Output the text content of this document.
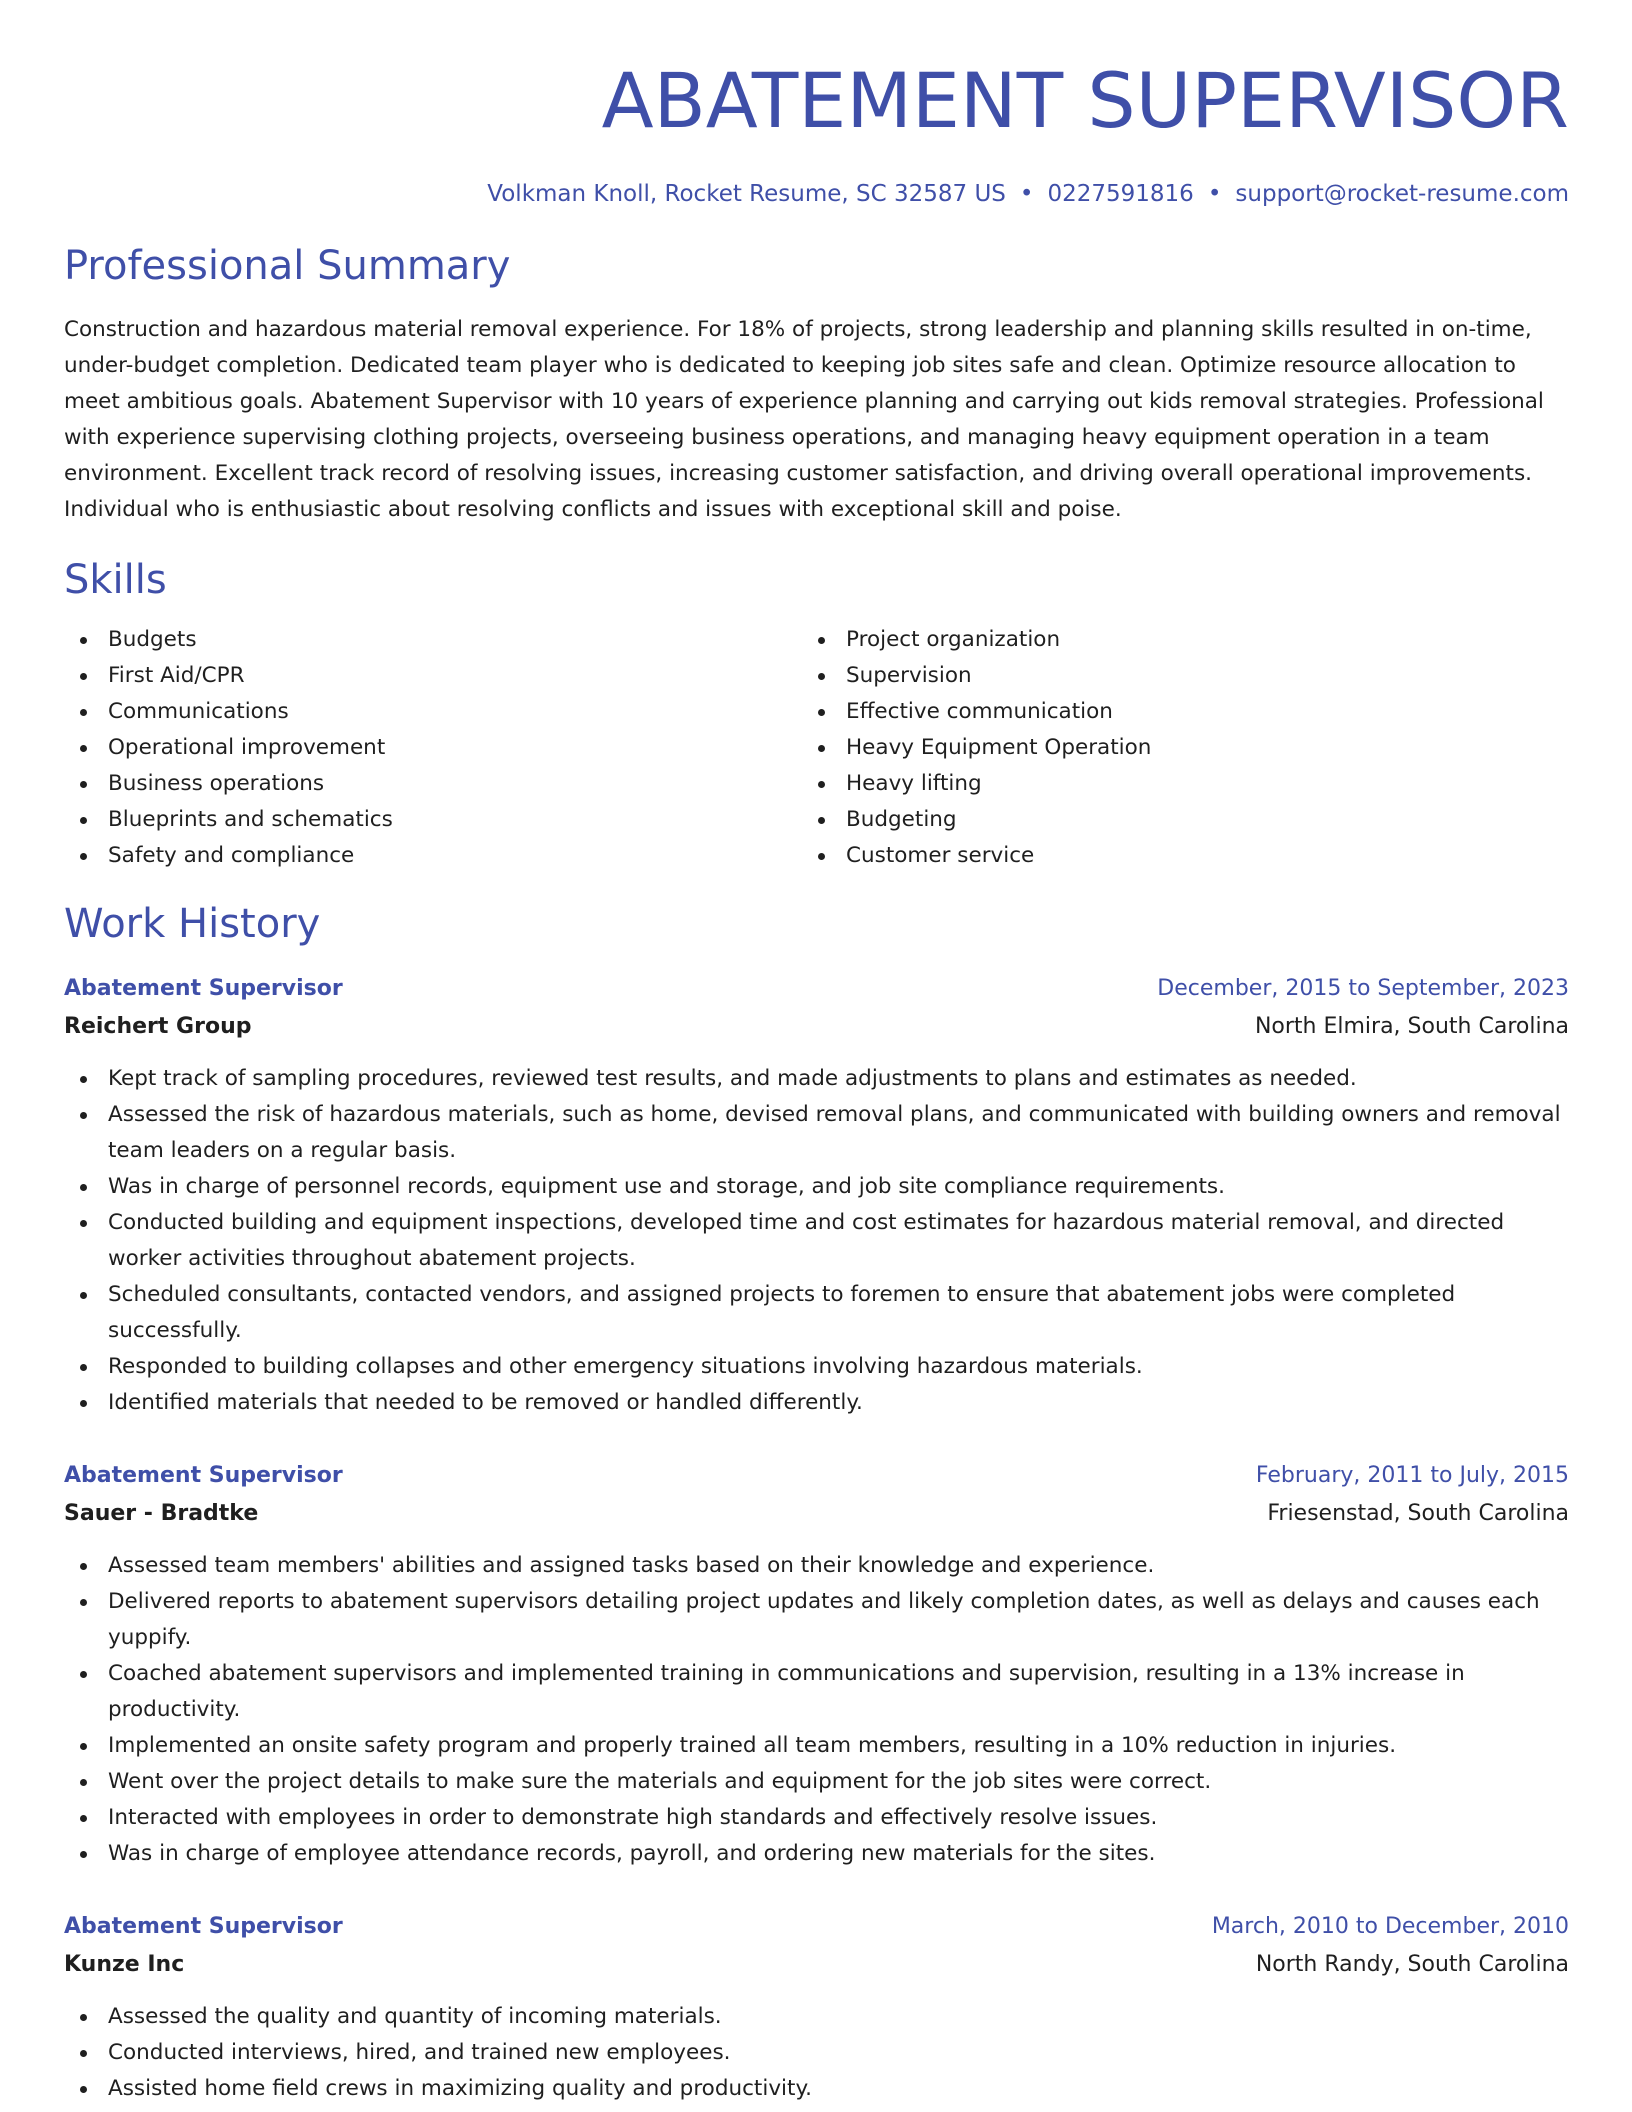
ABATEMENT SUPERVISOR
Volkman Knoll, Rocket Resume, SC 32587 US • 0227591816 • support@rocket-resume.com
Professional Summary

Construction and hazardous material removal experience. For 18% of projects, strong leadership and planning skills resulted in on-time, under-budget completion. Dedicated team player who is dedicated to keeping job sites safe and clean. Optimize resource allocation to meet ambitious goals. Abatement Supervisor with 10 years of experience planning and carrying out kids removal strategies. Professional with experience supervising clothing projects, overseeing business operations, and managing heavy equipment operation in a team environment. Excellent track record of resolving issues, increasing customer satisfaction, and driving overall operational improvements. Individual who is enthusiastic about resolving conflicts and issues with exceptional skill and poise.

Skills
Budgets
First Aid/CPR
Communications
Operational improvement
Business operations
Blueprints and schematics
Safety and compliance
Project organization
Supervision
Effective communication
Heavy Equipment Operation
Heavy lifting
Budgeting
Customer service
Work History
Abatement Supervisor	December, 2015 to September, 2023
Reichert Group	North Elmira, South Carolina
Kept track of sampling procedures, reviewed test results, and made adjustments to plans and estimates as needed.
Assessed the risk of hazardous materials, such as home, devised removal plans, and communicated with building owners and removal team leaders on a regular basis.
Was in charge of personnel records, equipment use and storage, and job site compliance requirements.
Conducted building and equipment inspections, developed time and cost estimates for hazardous material removal, and directed worker activities throughout abatement projects.
Scheduled consultants, contacted vendors, and assigned projects to foremen to ensure that abatement jobs were completed successfully.
Responded to building collapses and other emergency situations involving hazardous materials.
Identified materials that needed to be removed or handled differently.
Abatement Supervisor	February, 2011 to July, 2015
Sauer - Bradtke	Friesenstad, South Carolina
Assessed team members' abilities and assigned tasks based on their knowledge and experience.
Delivered reports to abatement supervisors detailing project updates and likely completion dates, as well as delays and causes each yuppify.
Coached abatement supervisors and implemented training in communications and supervision, resulting in a 13% increase in productivity.
Implemented an onsite safety program and properly trained all team members, resulting in a 10% reduction in injuries.
Went over the project details to make sure the materials and equipment for the job sites were correct.
Interacted with employees in order to demonstrate high standards and effectively resolve issues.
Was in charge of employee attendance records, payroll, and ordering new materials for the sites.
Abatement Supervisor	March, 2010 to December, 2010
Kunze Inc	North Randy, South Carolina
Assessed the quality and quantity of incoming materials.
Conducted interviews, hired, and trained new employees.
Assisted home field crews in maximizing quality and productivity.
